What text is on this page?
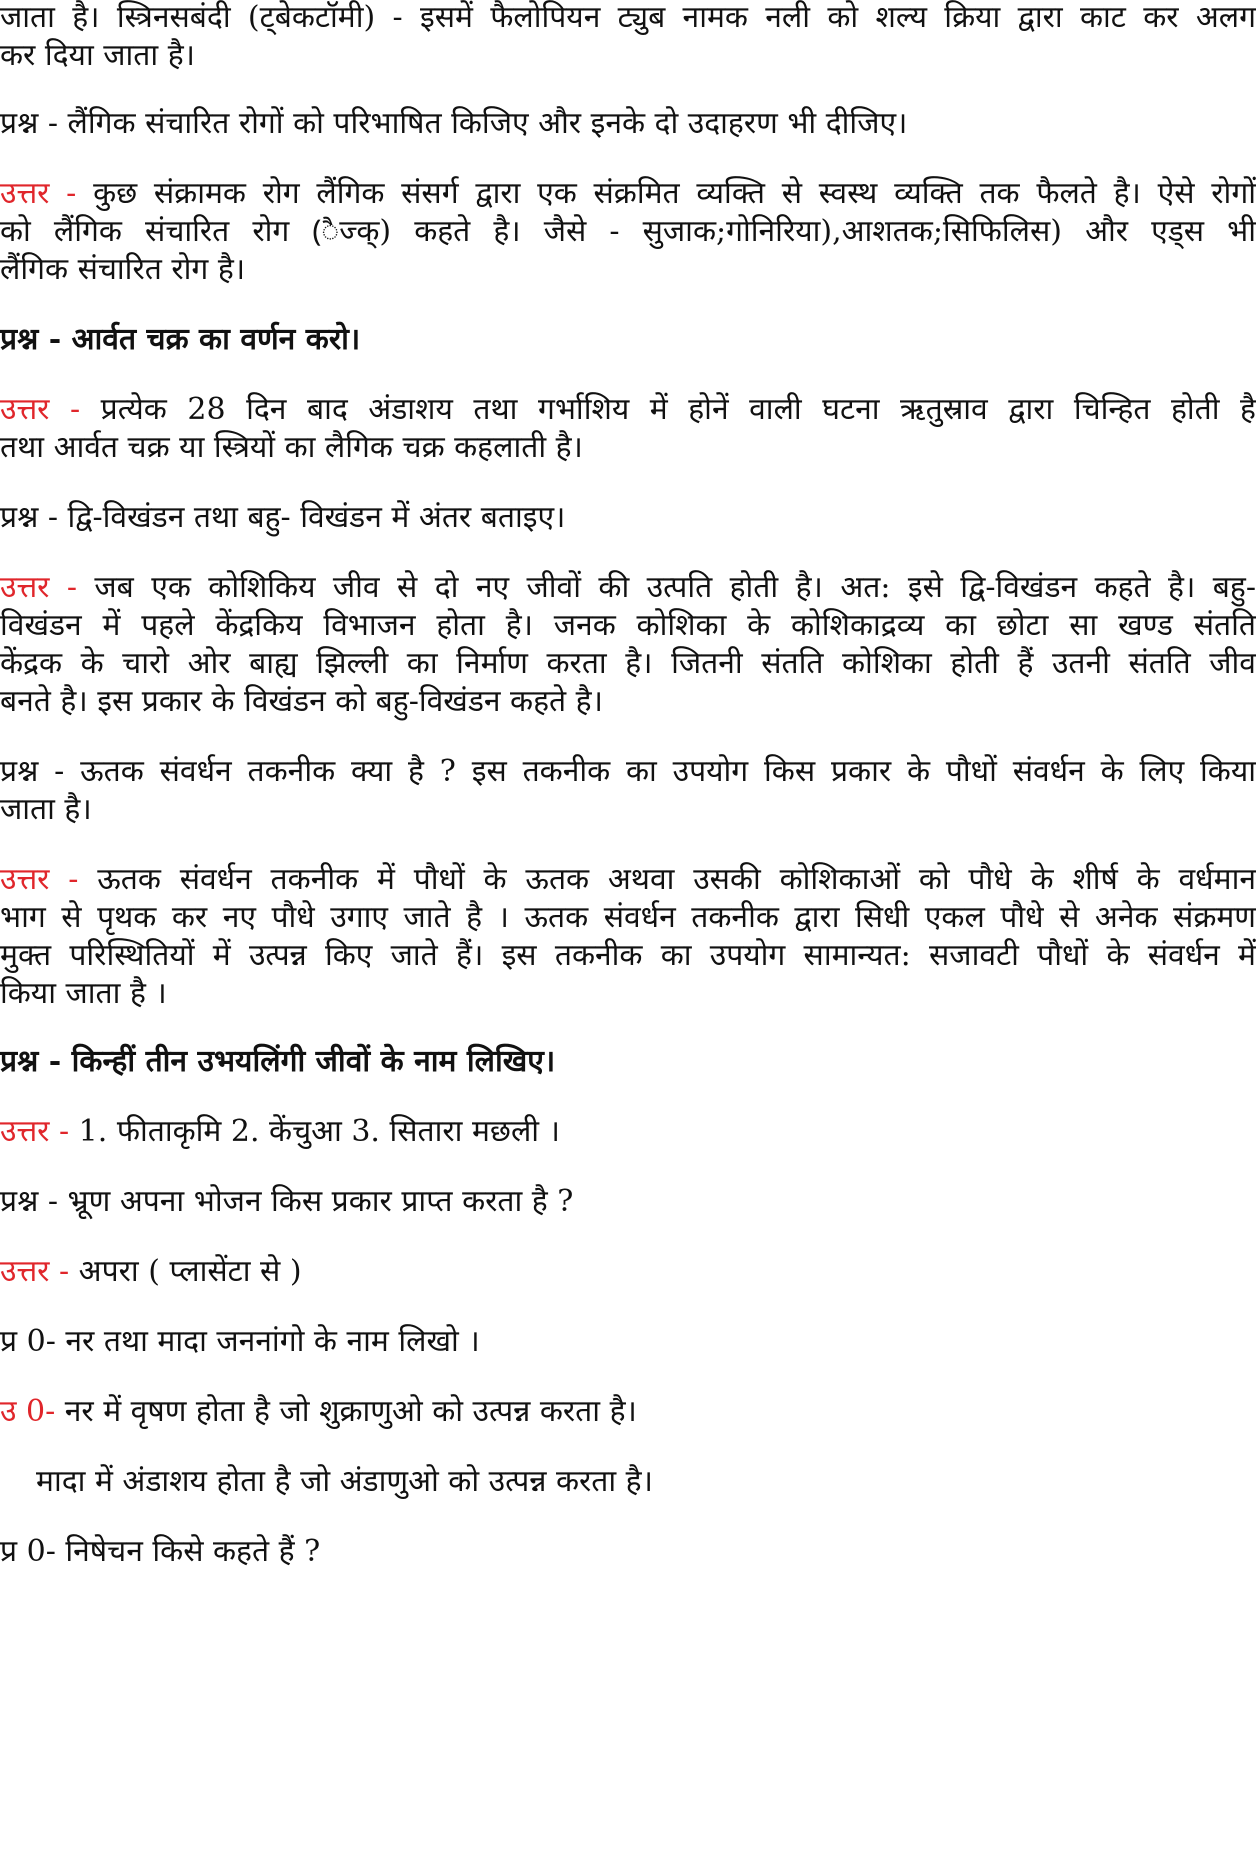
जाता है। स्त्रिनसबंदी (ट्बेकटॉमी) - इसमें फैलोपियन ट्युब नामक नली को शल्य क्रिया द्वारा काट कर अलग
कर दिया जाता है।
प्रश्न - लैंगिक संचारित रोगों को परिभाषित किजिए और इनके दो उदाहरण भी दीजिए।
उत्तर - कुछ संक्रामक रोग लैंगिक संसर्ग द्वारा एक संक्रमित व्यक्ति से स्वस्थ व्यक्ति तक फैलते है। ऐसे रोगों
को लैंगिक संचारित रोग (ैज्क्) कहते है। जैसे - सुजाक;गोनिरिया),आशतक;सिफिलिस) और एड्स भी
लैंगिक संचारित रोग है।
प्रश्न - आर्वत चक्र का वर्णन करो।
उत्तर - प्रत्येक 28 दिन बाद अंडाशय तथा गर्भाशिय में होनें वाली घटना ऋतुस्राव द्वारा चिन्हित होती है
तथा आर्वत चक्र या स्त्रियों का लैगिक चक्र कहलाती है।
प्रश्न - द्वि-विखंडन तथा बहु- विखंडन में अंतर बताइए।
उत्तर - जब एक कोशिकिय जीव से दो नए जीवों की उत्पति होती है। अत: इसे द्वि-विखंडन कहते है। बहु-
विखंडन में पहले केंद्रकिय विभाजन होता है। जनक कोशिका के कोशिकाद्रव्य का छोटा सा खण्ड संतति
केंद्रक के चारो ओर बाह्य झिल्ली का निर्माण करता है। जितनी संतति कोशिका होती हैं उतनी संतति जीव
बनते है। इस प्रकार के विखंडन को बहु-विखंडन कहते है।
प्रश्न - ऊतक संवर्धन तकनीक क्या है ? इस तकनीक का उपयोग किस प्रकार के पौधों संवर्धन के लिए किया
जाता है।
उत्तर - ऊतक संवर्धन तकनीक में पौधों के ऊतक अथवा उसकी कोशिकाओं को पौधे के शीर्ष के वर्धमान
भाग से पृथक कर नए पौधे उगाए जाते है । ऊतक संवर्धन तकनीक द्वारा सिधी एकल पौधे से अनेक संक्रमण
मुक्त परिस्थितियों में उत्पन्न किए जाते हैं। इस तकनीक का उपयोग सामान्यत: सजावटी पौधों के संवर्धन में
किया जाता है ।
प्रश्न - किन्हीं तीन उभयलिंगी जीवों के नाम लिखिए।
उत्तर - 1. फीताकृमि 2. केंचुआ 3. सितारा मछली ।
प्रश्न - भ्रूण अपना भोजन किस प्रकार प्राप्त करता है ?
उत्तर - अपरा ( प्लासेंटा से )
प्र 0- नर तथा मादा जननांगो के नाम लिखो ।
उ 0- नर में वृषण होता है जो शुक्राणुओ को उत्पन्न करता है।
मादा में अंडाशय होता है जो अंडाणुओ को उत्पन्न करता है।
प्र 0- निषेचन किसे कहते हैं ?
